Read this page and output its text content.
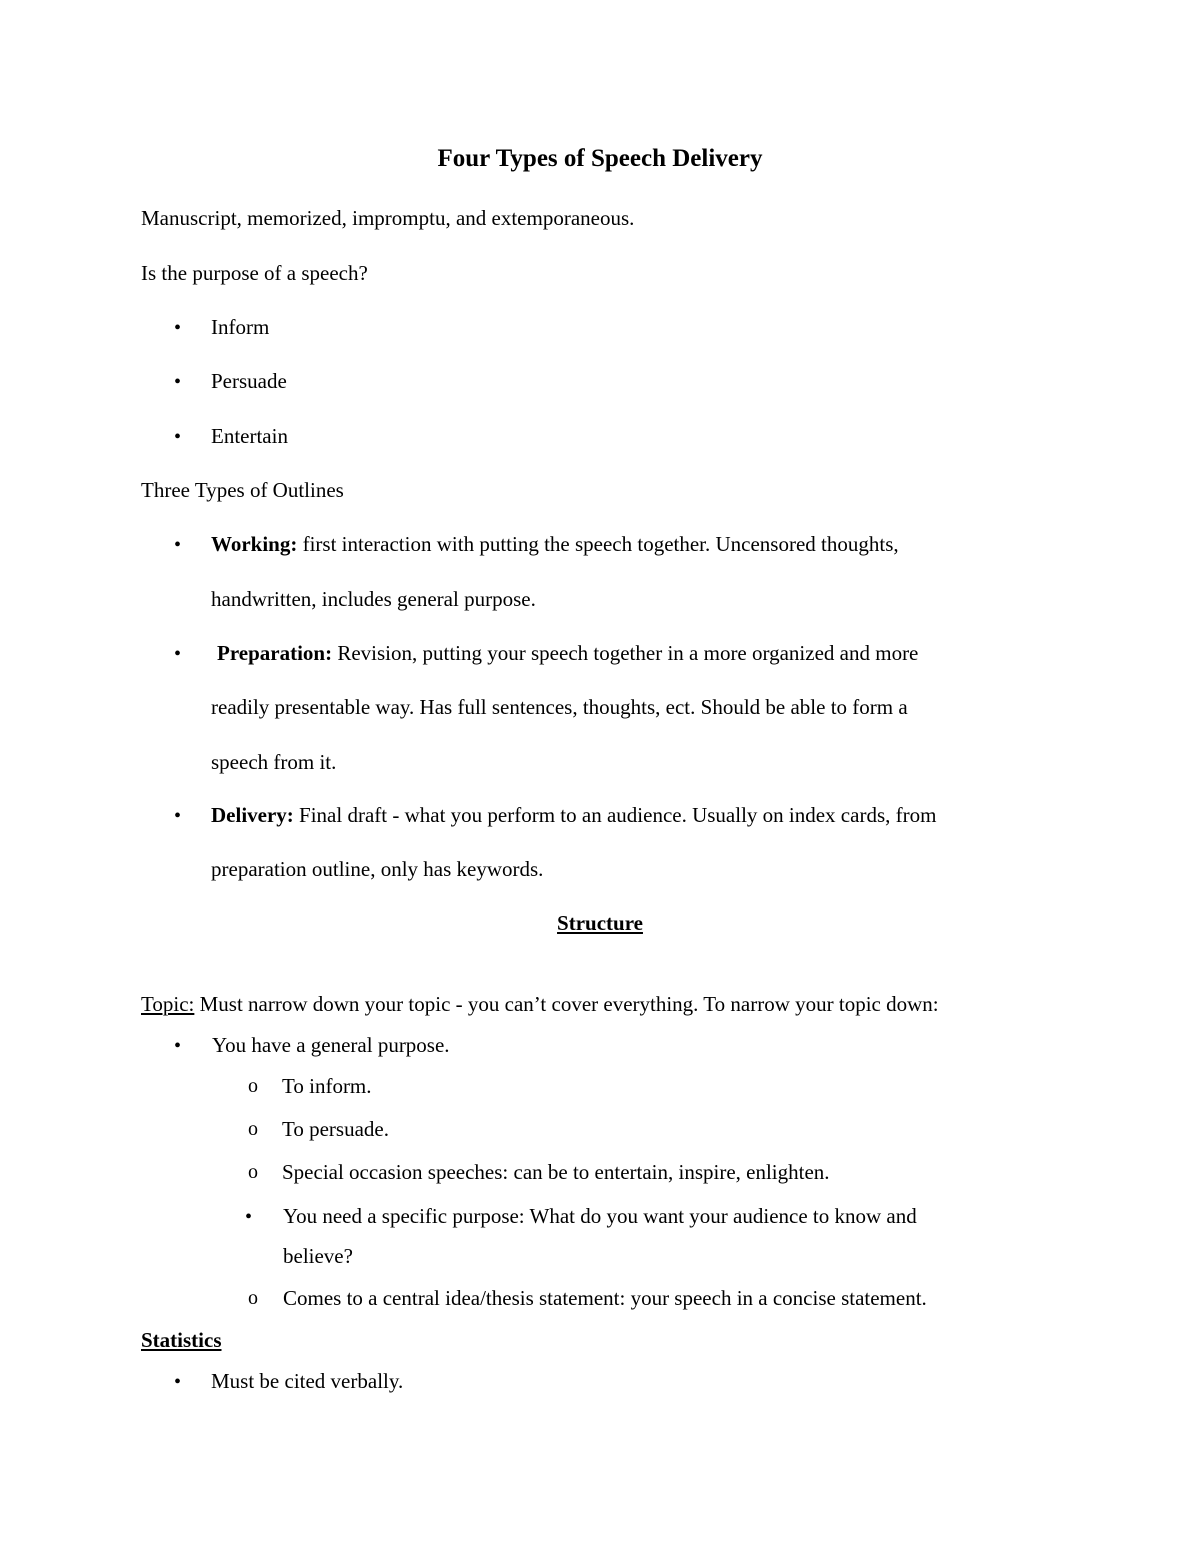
Four Types of Speech Delivery
Manuscript, memorized, impromptu, and extemporaneous.
Is the purpose of a speech?
• Inform
• Persuade
• Entertain
Three Types of Outlines
• Working: first interaction with putting the speech together. Uncensored thoughts,
handwritten, includes general purpose.
• Preparation: Revision, putting your speech together in a more organized and more
readily presentable way. Has full sentences, thoughts, ect. Should be able to form a
speech from it.
• Delivery: Final draft - what you perform to an audience. Usually on index cards, from
preparation outline, only has keywords.
Structure
Topic: Must narrow down your topic - you can’t cover everything. To narrow your topic down:
• You have a general purpose.
o To inform.
o To persuade.
o Special occasion speeches: can be to entertain, inspire, enlighten.
• You need a specific purpose: What do you want your audience to know and
believe?
o Comes to a central idea/thesis statement: your speech in a concise statement.
Statistics
• Must be cited verbally.
